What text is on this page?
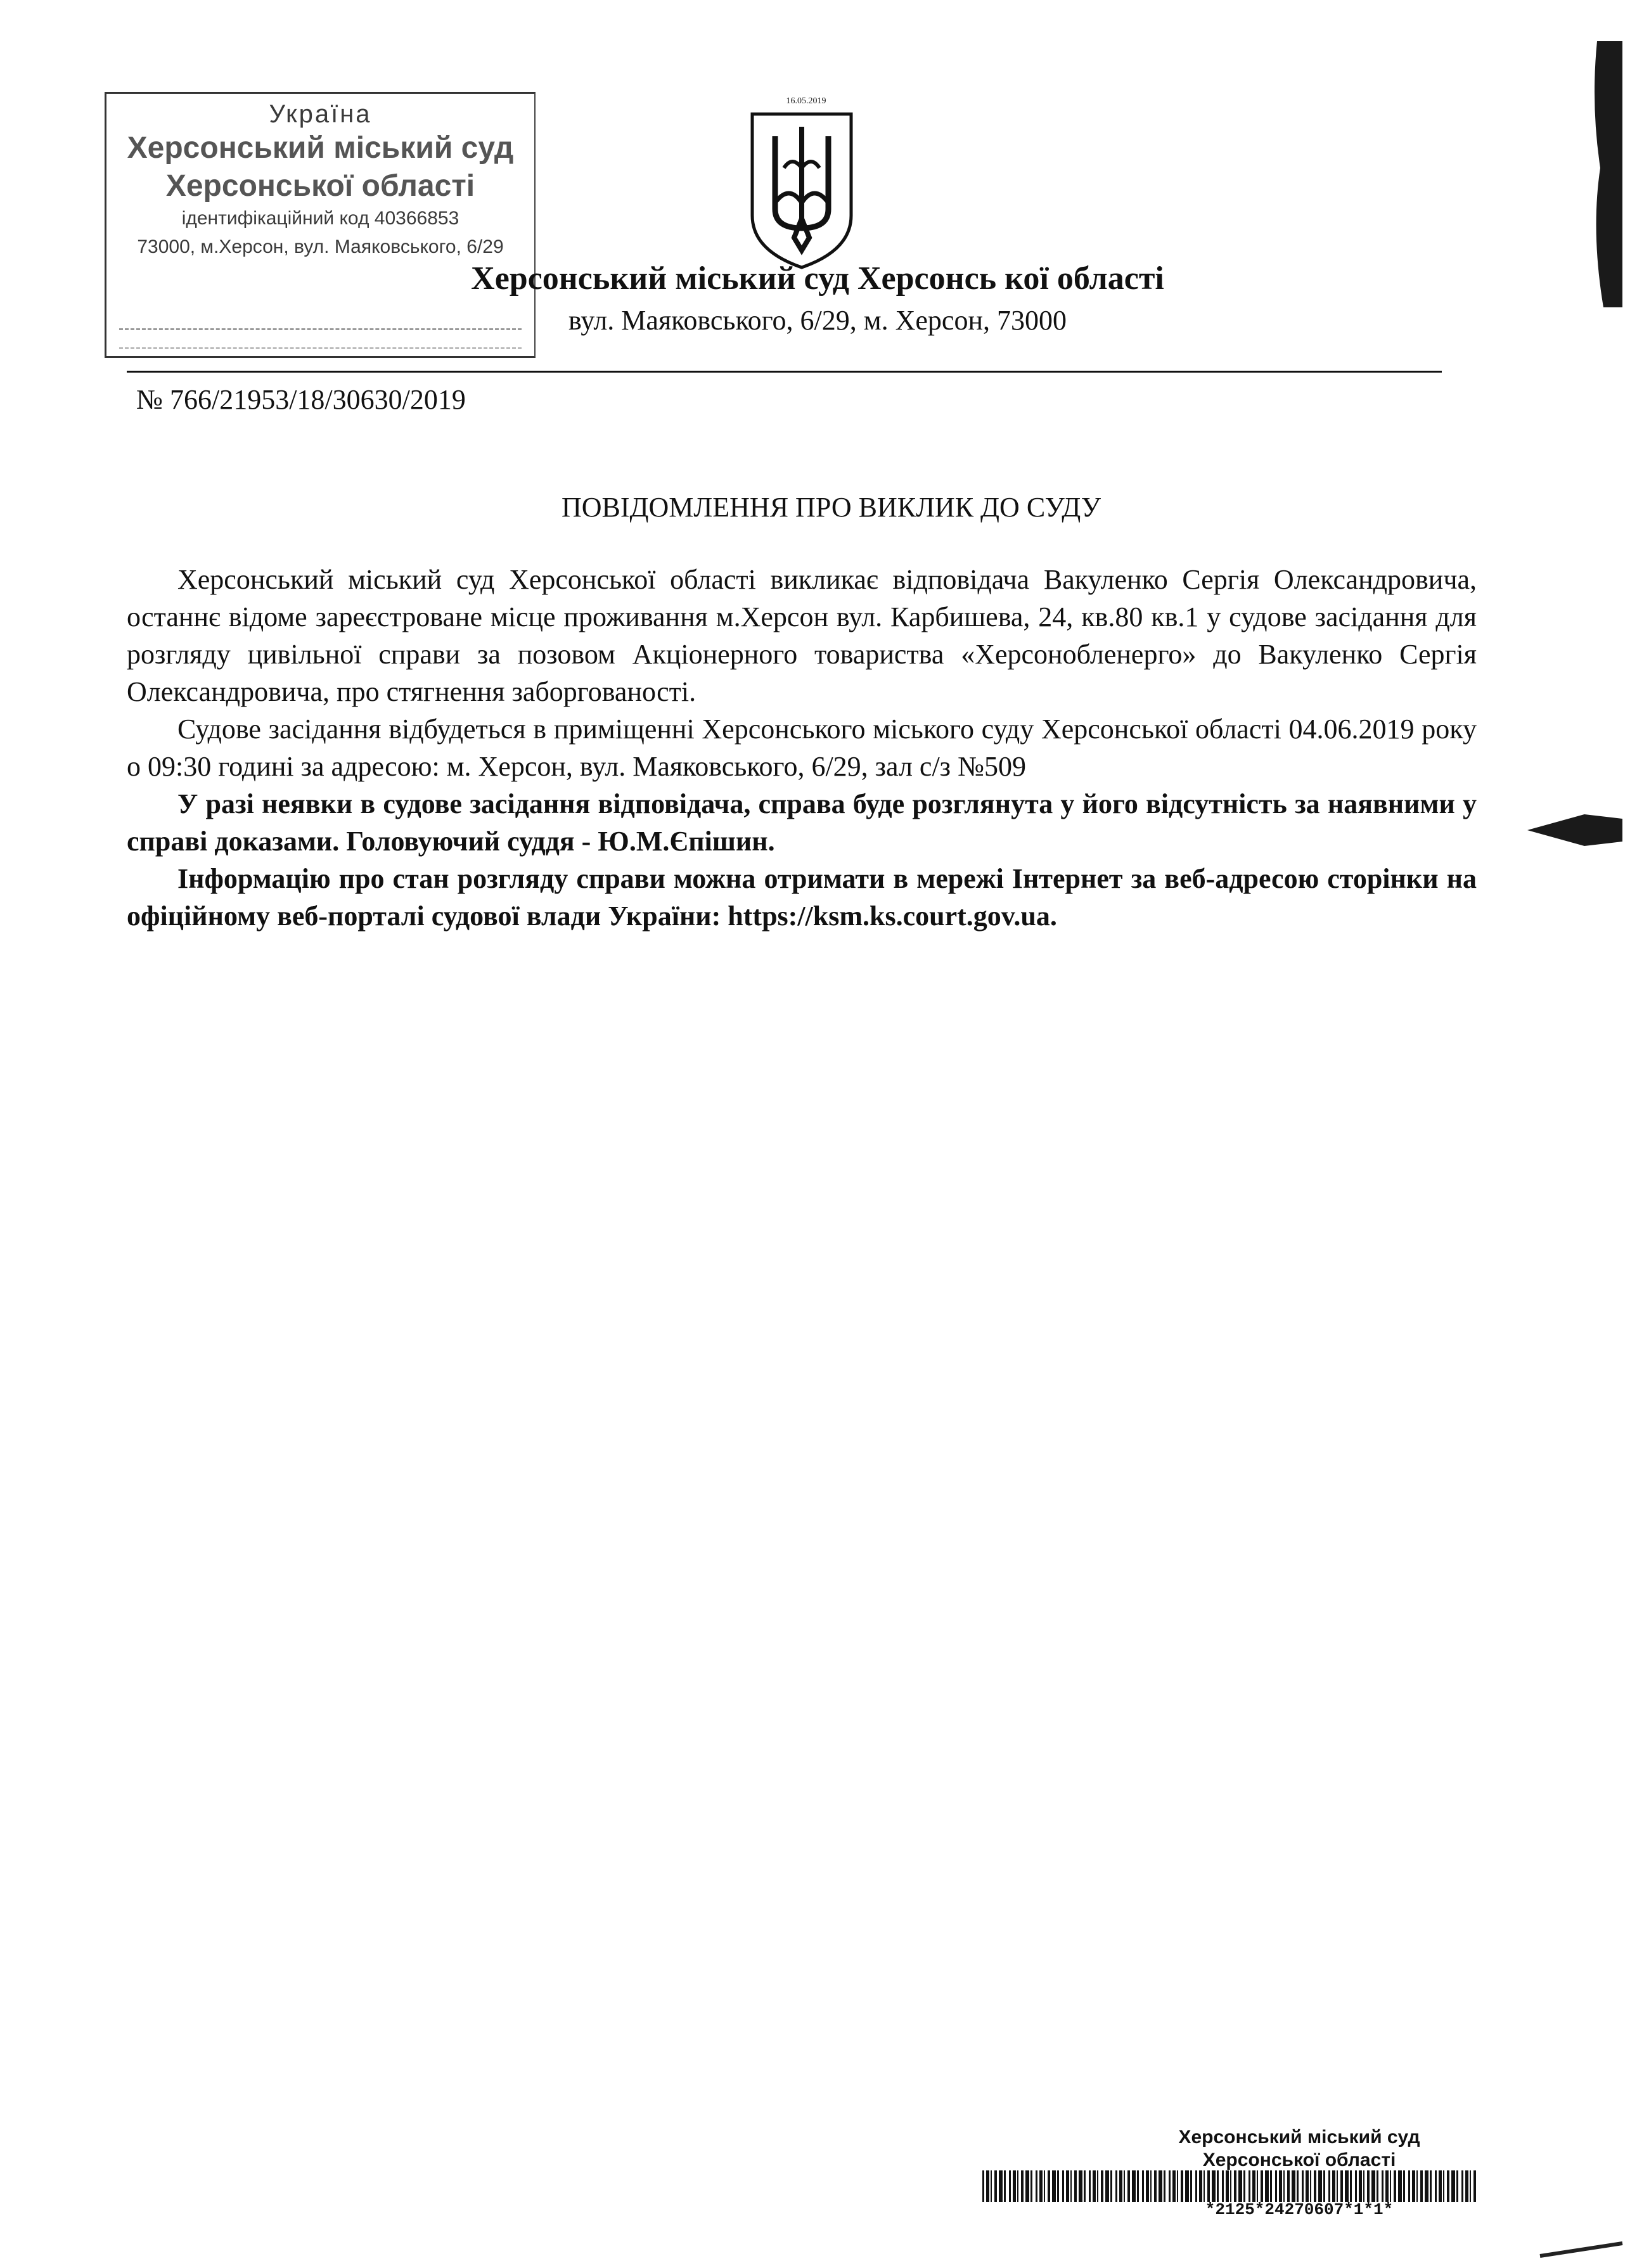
Україна
Херсонський міський суд
Херсонської області
ідентифікаційний код 40366853
73000, м.Херсон, вул. Маяковського, 6/29
16.05.2019
Херсонський міський суд Херсонсь кої області
вул. Маяковського, 6/29, м. Херсон, 73000
№ 766/21953/18/30630/2019
ПОВІДОМЛЕННЯ ПРО ВИКЛИК ДО СУДУ

Херсонський міський суд Херсонської області викликає відповідача Вакуленко Сергія Олександровича, останнє відоме зареєстроване місце проживання м.Херсон вул. Карбишева, 24, кв.80 кв.1 у судове засідання для розгляду цивільної справи за позовом Акціонерного товариства «Херсонобленерго» до Вакуленко Сергія Олександровича, про стягнення заборгованості.

Судове засідання відбудеться в приміщенні Херсонського міського суду Херсонської області 04.06.2019 року о 09:30 годині за адресою: м. Херсон, вул. Маяковського, 6/29, зал с/з №509

У разі неявки в судове засідання відповідача, справа буде розглянута у його відсутність за наявними у справі доказами. Головуючий суддя - Ю.М.Єпішин.

Інформацію про стан розгляду справи можна отримати в мережі Інтернет за веб-адресою сторінки на офіційному веб-порталі судової влади України: https://ksm.ks.court.gov.ua.

Херсонський міський суд
Херсонської області
*2125*24270607*1*1*
